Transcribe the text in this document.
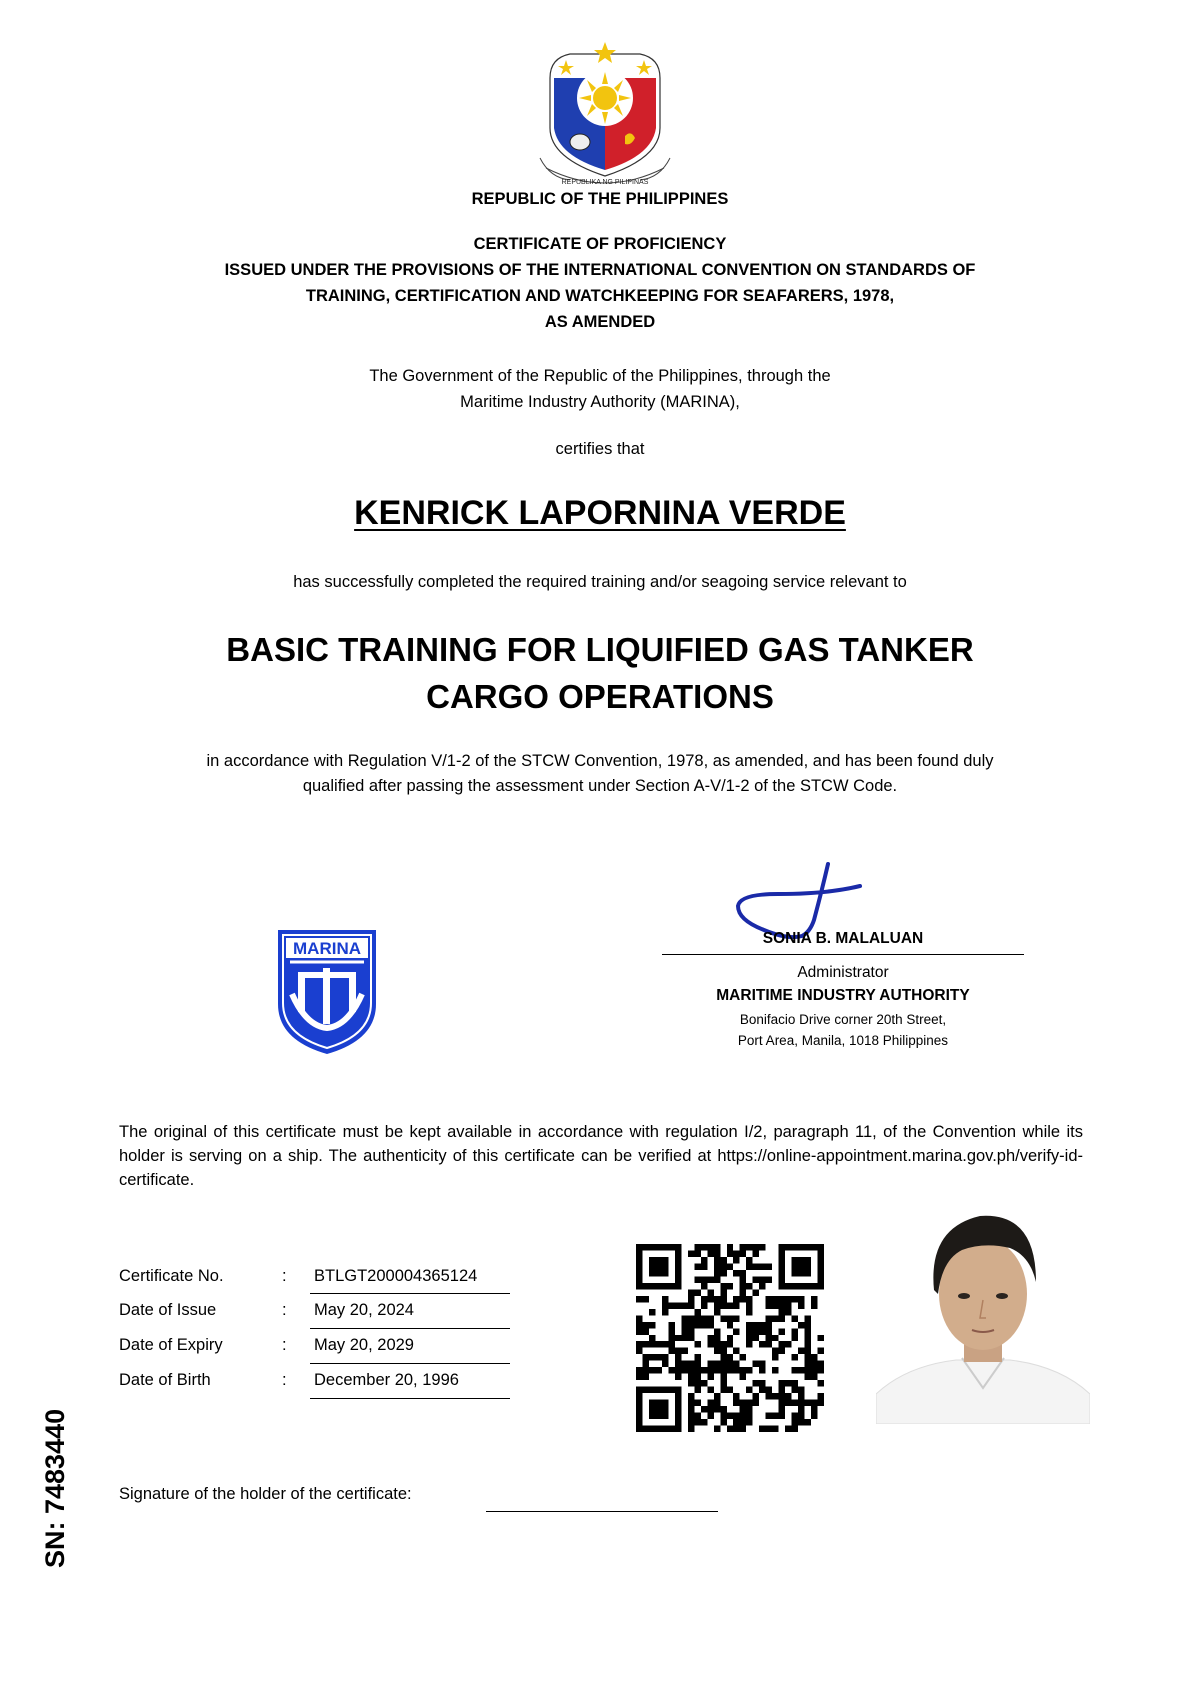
REPUBLIKA NG PILIPINAS
REPUBLIC OF THE PHILIPPINES
CERTIFICATE OF PROFICIENCY
ISSUED UNDER THE PROVISIONS OF THE INTERNATIONAL CONVENTION ON STANDARDS OF
TRAINING, CERTIFICATION AND WATCHKEEPING FOR SEAFARERS, 1978,
AS AMENDED
The Government of the Republic of the Philippines, through the
Maritime Industry Authority (MARINA),
certifies that
KENRICK LAPORNINA VERDE
has successfully completed the required training and/or seagoing service relevant to
BASIC TRAINING FOR LIQUIFIED GAS TANKER
CARGO OPERATIONS
in accordance with Regulation V/1-2 of the STCW Convention, 1978, as amended, and has been found duly
qualified after passing the assessment under Section A-V/1-2 of the STCW Code.
MARINA
SONIA B. MALALUAN
Administrator
MARITIME INDUSTRY AUTHORITY
Bonifacio Drive corner 20th Street,
Port Area, Manila, 1018 Philippines
The original of this certificate must be kept available in accordance with regulation I/2, paragraph 11, of the Convention while its holder is serving on a ship. The authenticity of this certificate can be verified at https://online-appointment.marina.gov.ph/verify-id-certificate.
Certificate No.	: BTLGT200004365124
Date of Issue	: May 20, 2024
Date of Expiry	: May 20, 2029
Date of Birth	: December 20, 1996
Signature of the holder of the certificate:
SN: 7483440
